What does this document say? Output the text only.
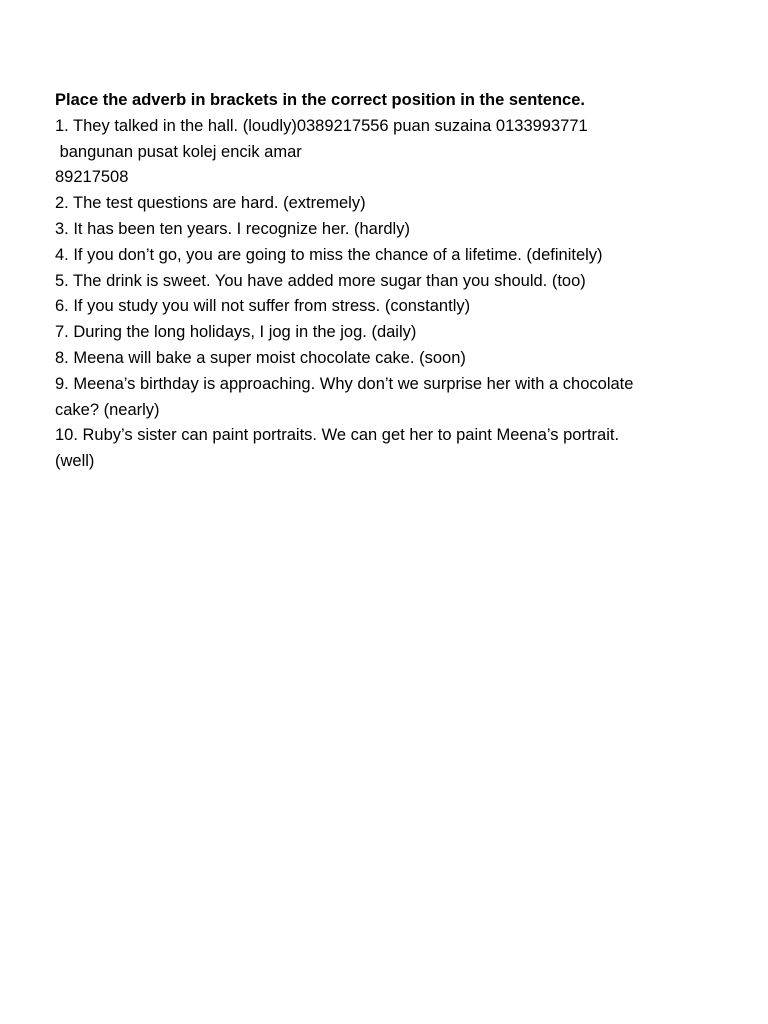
Place the adverb in brackets in the correct position in the sentence.
1. They talked in the hall. (loudly)0389217556 puan suzaina 0133993771
bangunan pusat kolej encik amar
89217508
2. The test questions are hard. (extremely)
3. It has been ten years. I recognize her. (hardly)
4. If you don’t go, you are going to miss the chance of a lifetime. (definitely)
5. The drink is sweet. You have added more sugar than you should. (too)
6. If you study you will not suffer from stress. (constantly)
7. During the long holidays, I jog in the jog. (daily)
8. Meena will bake a super moist chocolate cake. (soon)
9. Meena’s birthday is approaching. Why don’t we surprise her with a chocolate
cake? (nearly)
10. Ruby’s sister can paint portraits. We can get her to paint Meena’s portrait.
(well)
